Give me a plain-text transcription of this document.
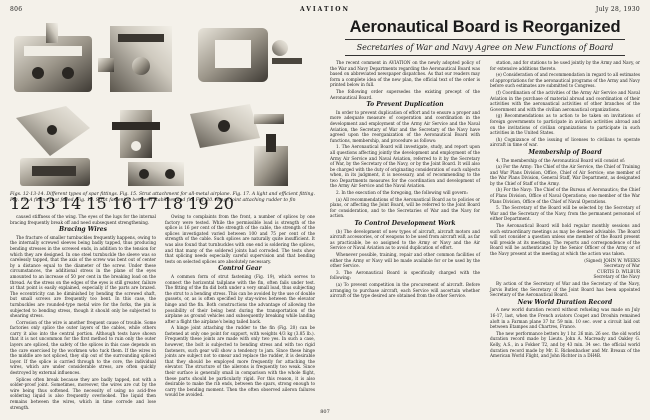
806	AVIATION	July 28, 1930
12 13 14 15 16 17 18 19 20
Figs. 12-13-14. Different types of spar fittings. Fig. 15. Strut attachment for all-metal airplane. Fig. 17. A light and efficient fitting. Fig. 18. A fitting that failed. Fig. 19. Strut fastening between stabilizer and fin. Fig. 20. Hinge joint attaching rudder to fin

caused stiffness of the wing. The eyes of the lugs for the internal bracing frequently break off and need subsequent strengthening.

Bracing Wires

The fracture of smaller turnbuckles frequently happens, owing to the internally screwed sleeves being badly tapped, thus producing bending stresses in the screwed ends, in addition to the tension for which they are designed. In one steel turnbuckle the sleeve was so carelessly tapped, that the axis of the screw was bent out of center by a distance equal to the diameter of the screw. Under these circumstances, the additional stress in the plane of the eyes amounted to an increase of 50 per cent in the breaking load on the thread. As the stress on the edges of the eyes is still greater, failure at that point is easily explained, especially if the parts are brazed. The eccentricity can be diminished by bending the screwed shaft, but small screws are frequently too bent. In this case, the turnbuckles are rounded-type metal wire for the forks, the pin is subjected to bending stress, though it should only be subjected to shearing stress.

Corrosion of the wire is another frequent cause of trouble. Some factories only splice the outer layers of the cables, while others carry it also into the central portion. Although tests have shown that it is not uncommon for the first method to ruin only the outer layers are spliced, the safety of the splices in this case depends on the care exercised by the workmen who tuck them. If the wires in the middle are not spliced, they slip out of the surrounding spliced layer. If the splice is carried through to the core, the individual wires, which are under considerable stress, are often quickly destroyed by external influences.

Splices often break because they are badly tapped, not with a solder-proof joint. Sometimes, moreover, the wires are cut by the wire being thus softened. The necessity of using no acid-free soldering liquid is also frequently overlooked. The liquid then remains between the wires, which in time corrode and lose strength.

Owing to complaints from the front, a number of splices by one factory were tested. While the permissible load is strength of the splice is 16 per cent of the strength of the cable, the strength of the splices investigated varied between 100 and 75 per cent of the strength of the cable. Such splices are naturally quite insufficient. It was also found that turnbuckles with one end is soldering the splices, and that many of the soldered joints had corroded. The tests show that splicing needs especially careful supervision and that bending tests on selected splices are absolutely necessary.

Control Gear

A common form of strut fastening (Fig. 19), which serves to connect the horizontal tailplane with the fin, often fails under test. The fitting of the fin did both under a very small load, thus subjecting the strut to a bending stress. This can be avoided by the use of double gussets, or, as is often specified by stay-wires between the elevator hinge and the fin. Both constructions the advantage of allowing the possibility of their being bent during the transportation of the airplane as ground vehicles and subsequently breaking while landing after a flight the airplane's being tailed back.

A hinge joint attaching the rudder to the fin (Fig. 20) can be fastened at only one point for support, with weights 4/3 kg (3.85 lb.). Frequently these joints are made with only two yes. In such a case, however, the bolt is subjected to bending stress and with too rigid fasteners, such gear will show a tendency to jam. Since these hinge joints are subject not to smear and replace the rudder, it is desirable that they should be employed more frequently for attaching the elevator. The structure of the ailerons is frequently too weak. Since their surface is generally small in comparison with the whole flight, these parts should be particularly rigid. For this reason, it is also desirable to make the rib ends, between the spars, strong enough to carry the bending moment. Then the often observed aileron failures would be avoided.

Aeronautical Board is Reorganized
Secretaries of War and Navy Agree on New Functions of Board

The recent comment in AVIATION on the newly adopted policy of the War and Navy Departments regarding the Aeronautical Board was based on abbreviated newspaper dispatches. As that our readers may form a complete idea of the new plan, the official text of the order is printed below in full.

The following order supersedes the existing precept of the Aeronautical Board.

To Prevent Duplication

In order to prevent duplication of effort and to ensure a proper and more adequate measure of cooperation and coordination in the development and employment of the Army Air Service and the Naval Aviation, the Secretary of War and the Secretary of the Navy have agreed upon the reorganization of the Aeronautical Board with functions, membership, and procedure as follows:

1. The Aeronautical Board will investigate, study, and report upon all questions affecting jointly the development and employment of the Army Air Service and Naval Aviation, referred to it by the Secretary of War, by the Secretary of the Navy, or by the Joint Board. It will also be charged with the duty of originating consideration of such subjects when, in its judgment, it is necessary, and of recommending to the two Departments measures for the coordination and development of the Army Air Service and the Naval Aviation.

2. In the execution of the foregoing, the following will govern:

(a) All recommendations of the Aeronautical Board as to policies or plans, or affecting the Joint Board, will be referred to the Joint Board for consideration, and to the Secretaries of War and the Navy for action.

To Control Development Work

(b) The development of new types of aircraft, aircraft motors and aircraft accessories, or of weapons to be used from aircraft will, as far as practicable, be so assigned to the Army or Navy and the Air Service or Naval Aviation as to avoid duplication of effort.

Whenever possible, training, repair and other common facilities of either the Army or Navy will be made available for or be used by the other Service.

3. The Aeronautical Board is specifically charged with the following:

(a) To prevent competition in the procurement of aircraft. Before arranging to purchase aircraft, each Service will ascertain whether aircraft of the type desired are obtained from the other Service.

station, and for stations to be used jointly by the Army and Navy, or for extensive additions thereto.

(e) Consideration of and recommendation in regard to all estimates of appropriations for the aeronautical programs of the Army and Navy before such estimates are submitted to Congress.

(f) Coordination of the activities of the Army Air Service and Naval Aviation in the purchase of material abroad and coordination of their activities with the aeronautical activities of other branches of the Government and with the civilian aeronautical organizations.

(g) Recommendations as to action to be taken on invitations of foreign governments to participate in aviation activities abroad and on the invitations of civilian organizations to participate in such activities in the United States.

(h) Cognizance of the issuing of licenses to civilians to operate aircraft in time of war.

Membership of Board

4. The membership of the Aeronautical Board will consist of:

(a) For the Army: The Chief of the Air Service, the Chief of Training and War Plans Division, Office, Chief of Air Service; one member of the War Plans Division, General Staff, War Department, as designated by the Chief of Staff of the Army.

(b) For the Navy: The Chief of the Bureau of Aeronautics; the Chief of Plans Division, Office of Naval Operations; one member of the War Plans Division, Office of the Chief of Naval Operations.

5. The Secretary of the Board will be selected by the Secretary of War and the Secretary of the Navy, from the permanent personnel of either Department.

The Aeronautical Board will hold regular monthly sessions and such extraordinary meetings as may be deemed advisable. The Board will not consider a question unless one member of the Board present will preside at its meetings. The reports and correspondence of the Board will be authenticated by the Senior Officer of the Army or of the Navy present at the meeting at which the action was taken.

(Signed) JOHN W. WEEKS
Secretary of War
CURTIS D. WILBUR
Secretary of the Navy

By action of the Secretary of War and the Secretary of the Navy, Jarvis Butler, the Secretary of the Joint Board has been appointed Secretary of the Aeronautical Board.

New World Duration Record

A new world duration record without refueling was made on July 16-17, last, when the French aviators Coupet and Drouhin remained aloft in a Farman plane 37 hr. 59 min. 10 sec. over a circuit laid out between Etampes and Chartres, France.

The new performance betters by 1 hr. 26 min. 26 sec. the old world duration record made by Lieuts. John A. Macready and Oakley G. Kelly, A.S., in a Fokker T2, and by 43 min. 34 sec. the official world duration record made by Mr. E. Rickenbacker and Mr. Breaux of the American World Flight, and John Richter in a DH4B.

807
